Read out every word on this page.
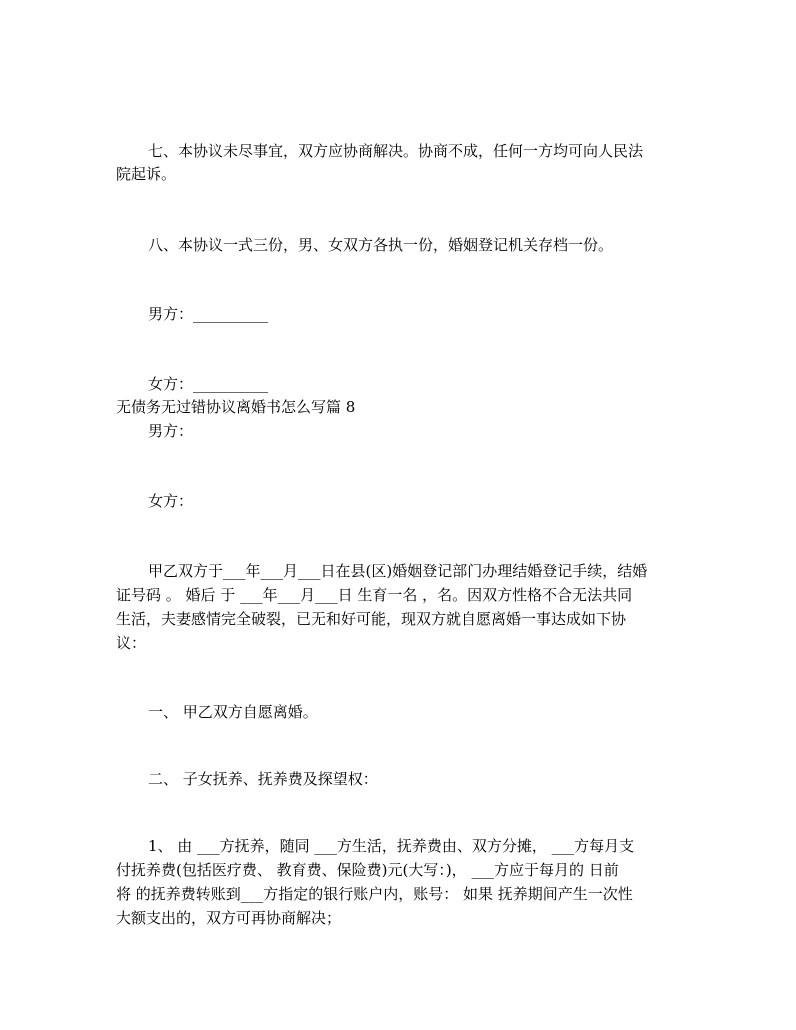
七、本协议未尽事宜，双方应协商解决。协商不成，任何一方均可向人民法
院起诉。
八、本协议一式三份，男、女双方各执一份，婚姻登记机关存档一份。
男方：__________
女方：__________
无债务无过错协议离婚书怎么写篇 8
男方：
女方：
甲乙双方于___年___月___日在县(区)婚姻登记部门办理结婚登记手续，结婚
证号码 。 婚后 于 ___年___月___日 生育一名 ，名。因双方性格不合无法共同
生活，夫妻感情完全破裂，已无和好可能，现双方就自愿离婚一事达成如下协
议：
一、 甲乙双方自愿离婚。
二、 子女抚养、抚养费及探望权：
1、 由 ___方抚养，随同 ___方生活，抚养费由、双方分摊， ___方每月支
付抚养费(包括医疗费、 教育费、保险费)元(大写：)， ___方应于每月的 日前
将 的抚养费转账到___方指定的银行账户内，账号： 如果 抚养期间产生一次性
大额支出的，双方可再协商解决；
